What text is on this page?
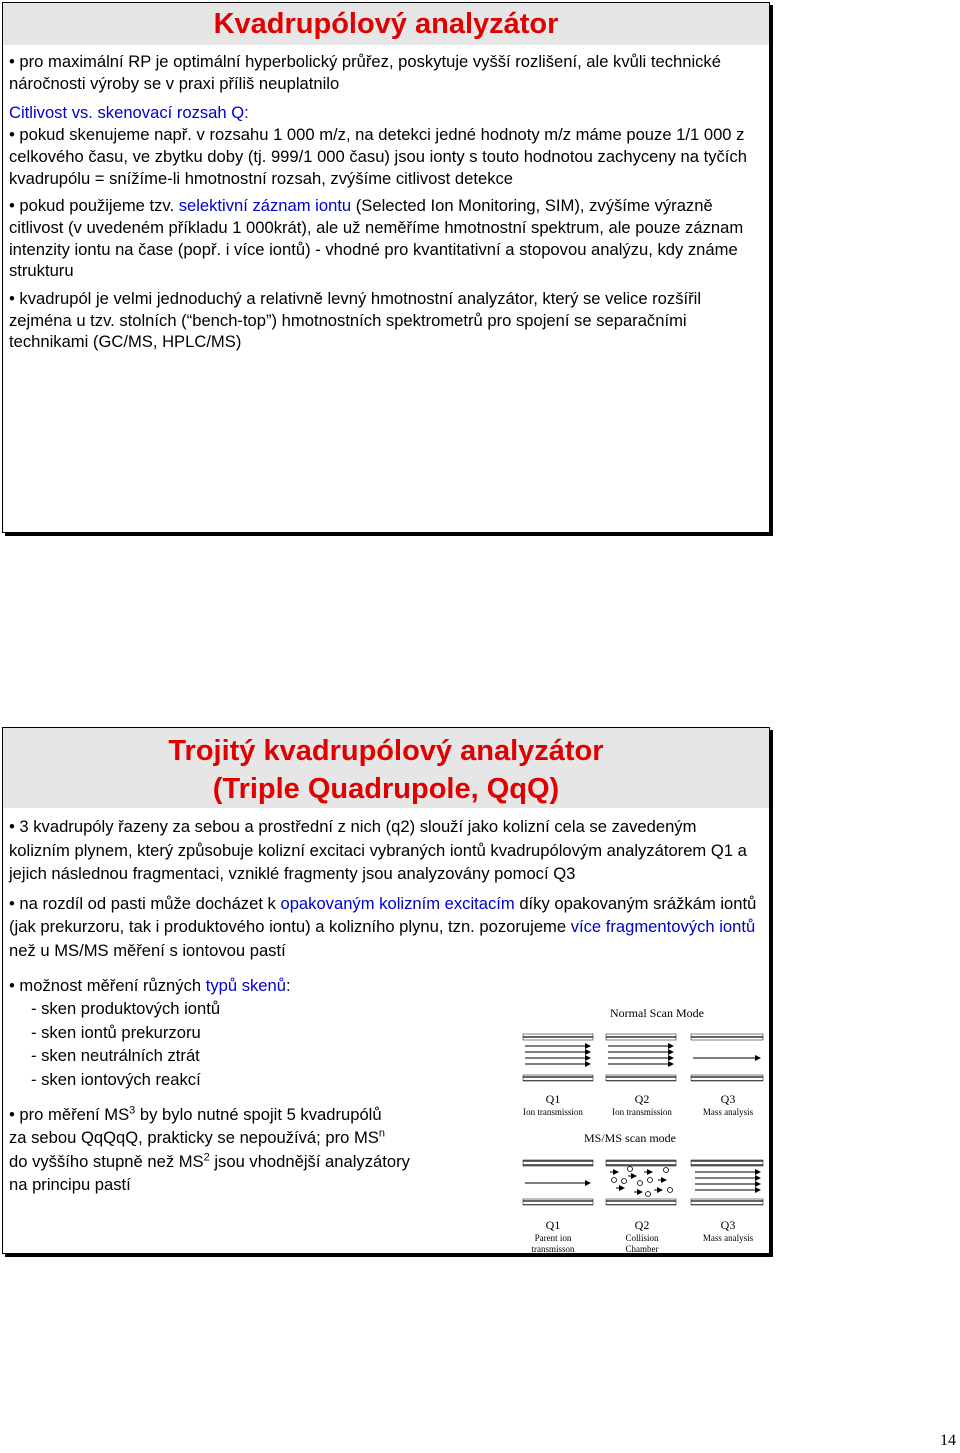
Kvadrupólový analyzátor

• pro maximální RP je optimální hyperbolický průřez, poskytuje vyšší rozlišení, ale kvůli technické náročnosti výroby se v praxi příliš neuplatnilo

Citlivost vs. skenovací rozsah Q:

• pokud skenujeme např. v rozsahu 1 000 m/z, na detekci jedné hodnoty m/z máme pouze 1/1 000 z celkového času, ve zbytku doby (tj. 999/1 000 času) jsou ionty s touto hodnotou zachyceny na tyčích kvadrupólu = snížíme-li hmotnostní rozsah, zvýšíme citlivost detekce

• pokud použijeme tzv. selektivní záznam iontu (Selected Ion Monitoring, SIM), zvýšíme výrazně citlivost (v uvedeném příkladu 1 000krát), ale už neměříme hmotnostní spektrum, ale pouze záznam intenzity iontu na čase (popř. i více iontů) - vhodné pro kvantitativní a stopovou analýzu, kdy známe strukturu

• kvadrupól je velmi jednoduchý a relativně levný hmotnostní analyzátor, který se velice rozšířil zejména u tzv. stolních (“bench-top”) hmotnostních spektrometrů pro spojení se separačními technikami (GC/MS, HPLC/MS)

Trojitý kvadrupólový analyzátor
(Triple Quadrupole, QqQ)

• 3 kvadrupóly řazeny za sebou a prostřední z nich (q2) slouží jako kolizní cela se zavedeným kolizním plynem, který způsobuje kolizní excitaci vybraných iontů kvadrupólovým analyzátorem Q1 a jejich následnou fragmentaci, vzniklé fragmenty jsou analyzovány pomocí Q3

• na rozdíl od pasti může docházet k opakovaným kolizním excitacím díky opakovaným srážkám iontů (jak prekurzoru, tak i produktového iontu) a kolizního plynu, tzn. pozorujeme více fragmentových iontů než u MS/MS měření s iontovou pastí

• možnost měření různých typů skenů:

- sken produktových iontů

- sken iontů prekurzoru

- sken neutrálních ztrát

- sken iontových reakcí

• pro měření $MS^3$ by bylo nutné spojit 5 kvadrupólů

za sebou QqQqQ, prakticky se nepoužívá; pro $MS^n$

do vyššího stupně než $MS^2$ jsou vhodnější analyzátory

na principu pastí

Normal Scan Mode
Q1
Ion transmission
Q2
Ion transmission
Q3
Mass analysis
MS/MS scan mode
Q1
Parent ion
transmisson
Q2
Collision
Chamber
Q3
Mass analysis
14
